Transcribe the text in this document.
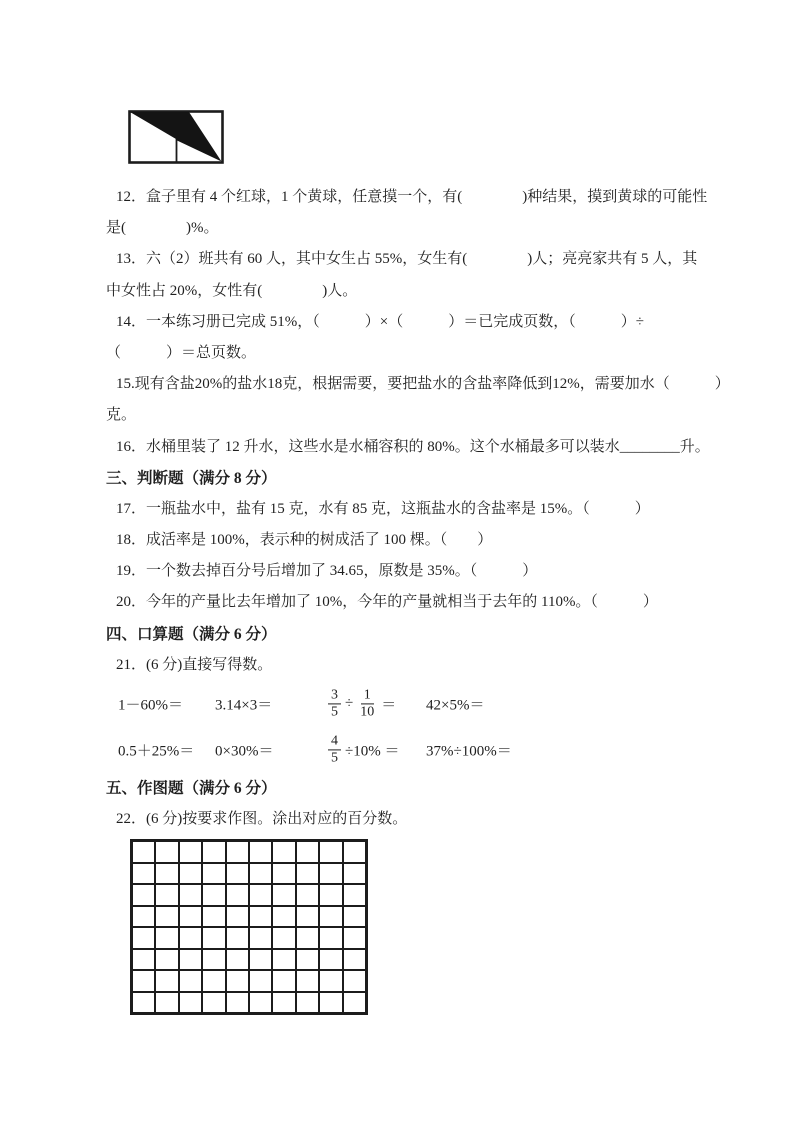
12．盒子里有 4 个红球，1 个黄球，任意摸一个，有(　　　　)种结果，摸到黄球的可能性

是(　　　　)%。

13．六（2）班共有 60 人，其中女生占 55%，女生有(　　　　)人；亮亮家共有 5 人，其

中女性占 20%，女性有(　　　　)人。

14．一本练习册已完成 51%，（　　　）×（　　　）＝已完成页数，（　　　）÷

（　　　）＝总页数。

15.现有含盐20%的盐水18克，根据需要，要把盐水的含盐率降低到12%，需要加水（　　　）

克。

16．水桶里装了 12 升水，这些水是水桶容积的 80%。这个水桶最多可以装水________升。

三、判断题（满分 8 分）

17．一瓶盐水中，盐有 15 克，水有 85 克，这瓶盐水的含盐率是 15%。（　　　）

18．成活率是 100%，表示种的树成活了 100 棵。（　　）

19．一个数去掉百分号后增加了 34.65，原数是 35%。（　　　）

20．今年的产量比去年增加了 10%，今年的产量就相当于去年的 110%。（　　　）

四、口算题（满分 6 分）

21．(6 分)直接写得数。

1－60%＝ 3.14×3＝	$\frac{3}{5} \div \frac{1}{10} = 42\times 5\%=$
0.5＋25%＝ 0×30%＝	$\frac{4}{5} \div 10\% = 37\%\div 100\%=$

五、作图题（满分 6 分）

22．(6 分)按要求作图。涂出对应的百分数。
